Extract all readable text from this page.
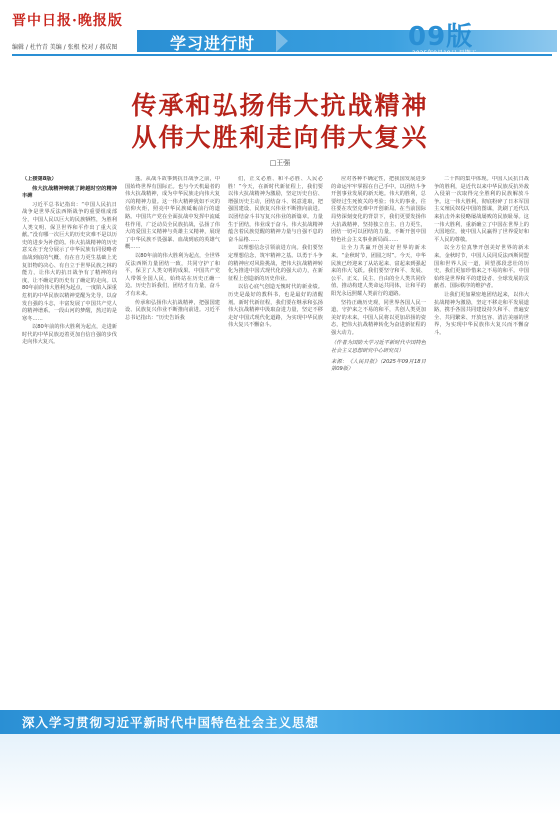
晋中日报·晚报版
编辑 / 杜竹青 美编 / 张根 校对 / 郝成图	学习进行时	09版
传承和弘扬伟大抗战精神
从伟大胜利走向伟大复兴
□王强

（上接第8版）

伟大抗战精神铸就了跨越时空的精神丰碑

习近平总书记指出：“中国人民抗日战争是世界反法西斯战争的重要组成部分，中国人民以巨大的民族牺牲，为胜利人类文明、保卫世界和平作出了重大贡献。”没有哪一次巨大的历史灾难不是以历史的进步为补偿的。伟大抗战精神的历史意义在于充分展示了中华民族有同侵略者血战到底的气概、有在自力更生基础上光复旧物的决心、有自立于世界民族之林的能力，让伟大的抗日战争有了精神的向度，让不确定的历史有了确定的走向。以80年前的伟大胜利为起点，一度陷入深重危机的中华民族以精神觉醒为先导，以奋发自强的斗志，丰富发展了中国共产党人的精神谱系。一段山河的梦醒，熬过的是寒冬……

以80年前的伟大胜利为起点，走进新时代的中华民族迈着更加自信自强的步伐走向伟大复兴。

蓬。从战斗故事到抗日战争之前，中国始终世界有国际正。也与今天机最者的伟大抗战精神，成为中华民族走向伟大复兴的精神力量。这一伟大精神犹如不灭的信仰火炬，照亮中华民族砥砺前行的道路。中国共产党在全面抗战中发挥中流砥柱作用，广泛动员全民族抗战，弘扬了伟大的爱国主义精神与英雄主义精神，展现了中华民族不畏强暴、血战到底的英雄气概……

以80年前的伟大胜利为起点，全世界反法西斯力量团结一致，共同守护了和平，保卫了人类文明的成果。中国共产党人带领全国人民，始终站在历史正确一边。历史告诉我们，团结才有力量，奋斗才有未来。

传承和弘扬伟大抗战精神，把强国建设、民族复兴伟业不断推向前进。习近平总书记指出：“历史告诉我

们，正义必胜、和平必胜、人民必胜！”今天，在新时代新征程上，我们要以伟大抗战精神为激励，坚定历史自信、增强历史主动，团结奋斗、锐意进取，把强国建设、民族复兴伟业不断推向前进。以团结奋斗书写复兴伟业的新篇章。力量生于团结，伟业成于奋斗。伟大抗战精神蕴含着民族觉醒的精神力量与自强不息的奋斗品格……

以理想信念引领前进方向。我们要坚定理想信念，筑牢精神之基。以勇于斗争的精神应对风险挑战，把伟大抗战精神转化为推进中国式现代化的强大动力，在新征程上创造新的历史伟业。

以信心底气创造无愧时代的新业绩。历史是最好的教科书，也是最好的清醒剂。新时代新征程，我们要在继承和弘扬伟大抗战精神中汲取奋进力量，坚定不移走好中国式现代化道路，为实现中华民族伟大复兴不懈奋斗。

应对各种不确定性，把我国发展进步的命运牢牢掌握在自己手中。以团结斗争开创事业发展的新天地。伟大的胜利，总要经过生死攸关的考验；伟大的事业，往往要在攻坚克难中开创新局。在当前国际局势深刻变化的背景下，我们更要发扬伟大抗战精神，坚持独立自主、自力更生，团结一切可以团结的力量，不断开创中国特色社会主义事业新局面……

让全力共赢开创美好世界的新未来。“金秋时节，团圆之时”。今天，中华民族已经迎来了从站起来、富起来到强起来的伟大飞跃。我们要坚守和平、发展、公平、正义、民主、自由的全人类共同价值，推动构建人类命运共同体，让和平的阳光永远照耀人类前行的道路。

坚持正确历史观，同世界各国人民一道，守护来之不易的和平，共创人类更加美好的未来。中国人民将以更加昂扬的姿态，把伟大抗战精神转化为奋进新征程的强大动力。

（作者为国防大学习近平新时代中国特色社会主义思想研究中心研究员）

来源：《人民日报》（2025年09月18日第09版）

二十四的集中体现。中国人民抗日战争的胜利，是近代以来中华民族反抗外敌入侵第一次取得完全胜利的民族解放斗争。这一伟大胜利，彻底粉碎了日本军国主义殖民奴役中国的图谋，洗刷了近代以来抗击外来侵略屡战屡败的民族耻辱。这一伟大胜利，重新确立了中国在世界上的大国地位，使中国人民赢得了世界爱好和平人民的尊敬。

以全方位真挚开创美好世界的新未来。金秋时节，中国人民同反法西斯同盟国和世界人民一道，回望那段悲壮的历史，我们更加珍惜来之不易的和平。中国始终是世界和平的建设者、全球发展的贡献者、国际秩序的维护者。

让我们更加紧密地团结起来，以伟大抗战精神为激励，坚定不移走和平发展道路，携手各国共同建设持久和平、普遍安全、共同繁荣、开放包容、清洁美丽的世界，为实现中华民族伟大复兴而不懈奋斗。

深入学习贯彻习近平新时代中国特色社会主义思想
